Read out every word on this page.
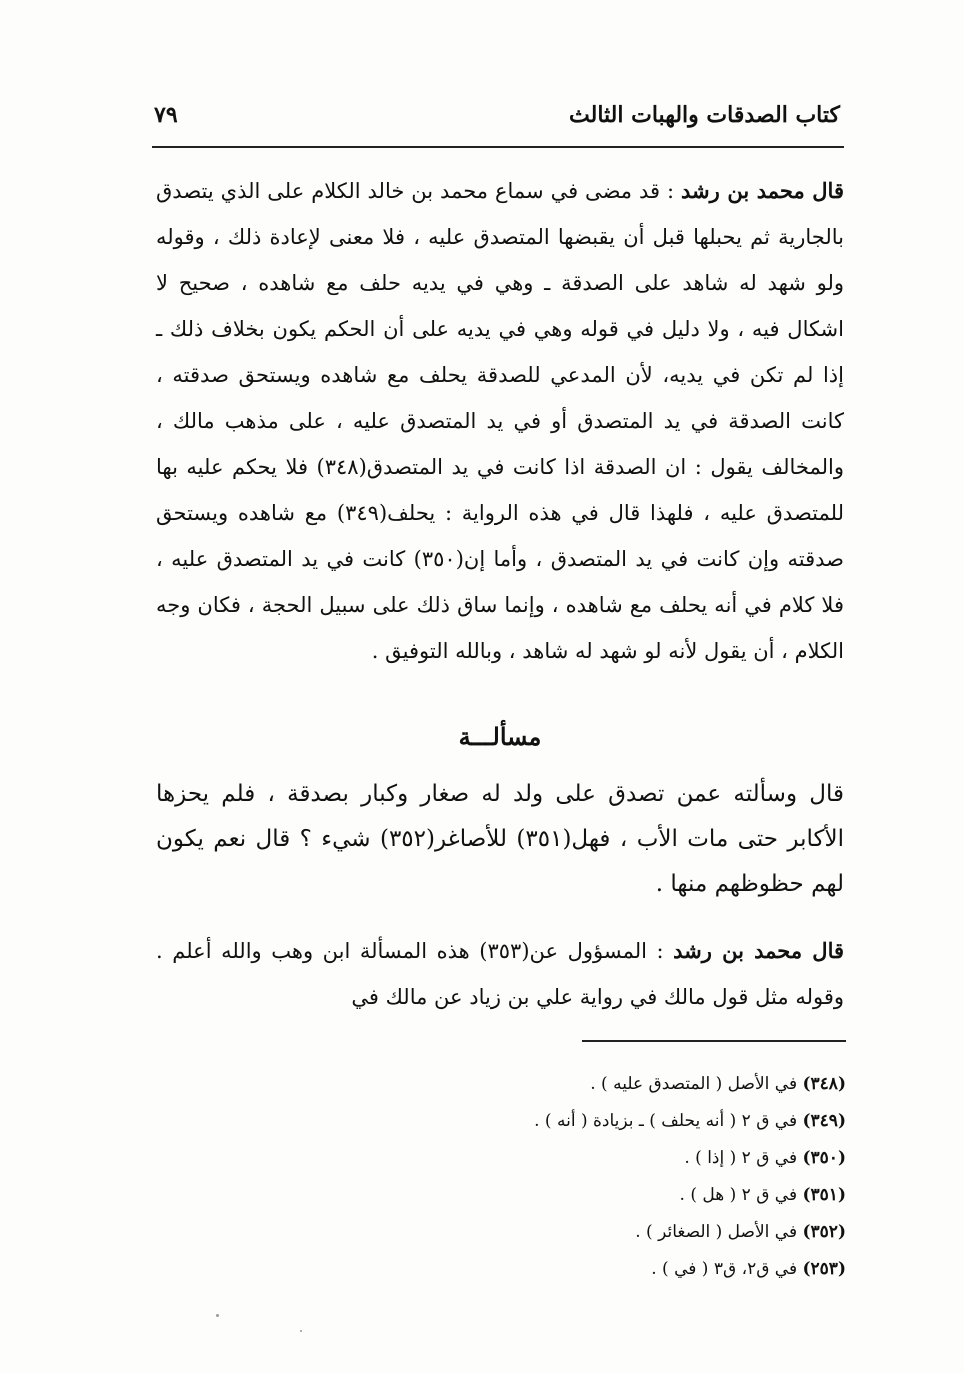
كتاب الصدقات والهبات الثالث
٧٩

قال محمد بن رشد : قد مضى في سماع محمد بن خالد الكلام على الذي يتصدق بالجارية ثم يحبلها قبل أن يقبضها المتصدق عليه ، فلا معنى لإعادة ذلك ، وقوله ولو شهد له شاهد على الصدقة ـ وهي في يديه حلف مع شاهده ، صحيح لا اشكال فيه ، ولا دليل في قوله وهي في يديه على أن الحكم يكون بخلاف ذلك ـ إذا لم تكن في يديه، لأن المدعي للصدقة يحلف مع شاهده ويستحق صدقته ، كانت الصدقة في يد المتصدق أو في يد المتصدق عليه ، على مذهب مالك ، والمخالف يقول : ان الصدقة اذا كانت في يد المتصدق(٣٤٨) فلا يحكم عليه بها للمتصدق عليه ، فلهذا قال في هذه الرواية : يحلف(٣٤٩) مع شاهده ويستحق صدقته وإن كانت في يد المتصدق ، وأما إن(٣٥٠) كانت في يد المتصدق عليه ، فلا كلام في أنه يحلف مع شاهده ، وإنما ساق ذلك على سبيل الحجة ، فكان وجه الكلام ، أن يقول لأنه لو شهد له شاهد ، وبالله التوفيق .

مسألـــة

قال وسألته عمن تصدق على ولد له صغار وكبار بصدقة ، فلم يحزها الأكابر حتى مات الأب ، فهل(٣٥١) للأصاغر(٣٥٢) شيء ؟ قال نعم يكون لهم حظوظهم منها .

قال محمد بن رشد : المسؤول عن(٣٥٣) هذه المسألة ابن وهب والله أعلم . وقوله مثل قول مالك في رواية علي بن زياد عن مالك في

(٣٤٨) في الأصل ( المتصدق عليه ) .
(٣٤٩) في ق ٢ ( أنه يحلف ) ـ بزيادة ( أنه ) .
(٣٥٠) في ق ٢ ( إذا ) .
(٣٥١) في ق ٢ ( هل ) .
(٣٥٢) في الأصل ( الصغائر ) .
(٢٥٣) في ق٢، ق٣ ( في ) .
